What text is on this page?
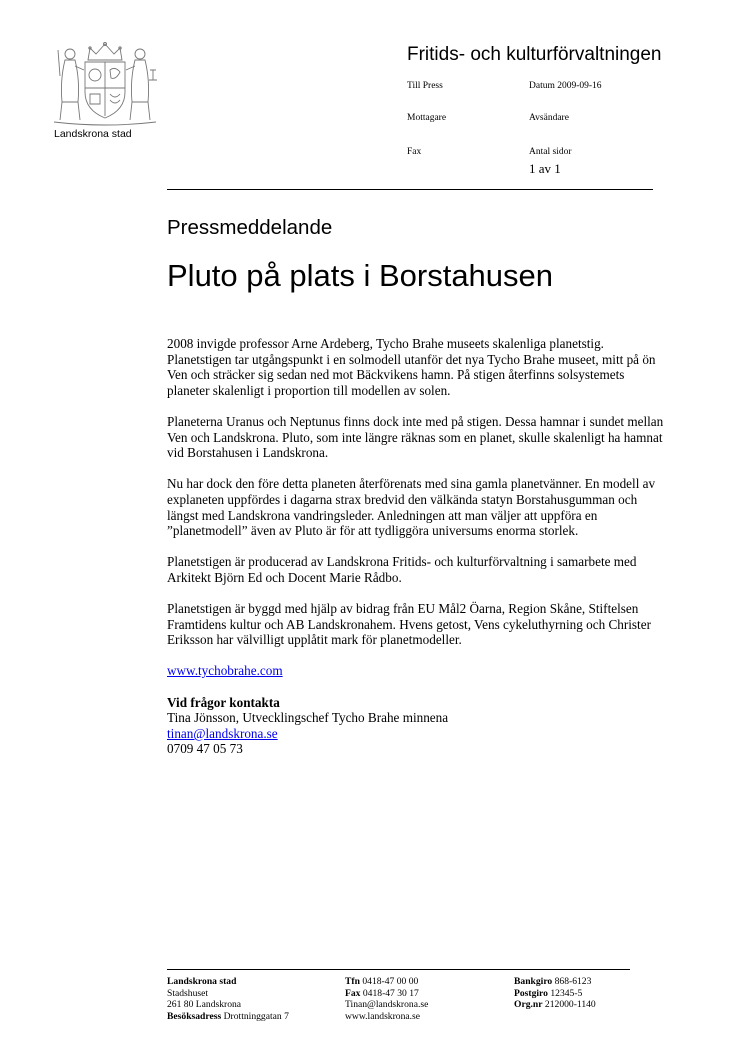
Landskrona stad
Fritids- och kulturförvaltningen
Till Press	Datum 2009-09-16
Mottagare	Avsändare
Fax	Antal sidor
1 av 1
Pressmeddelande
Pluto på plats i Borstahusen

2008 invigde professor Arne Ardeberg, Tycho Brahe museets skalenliga planetstig. Planetstigen tar utgångspunkt i en solmodell utanför det nya Tycho Brahe museet, mitt på ön Ven och sträcker sig sedan ned mot Bäckvikens hamn. På stigen återfinns solsystemets planeter skalenligt i proportion till modellen av solen.

Planeterna Uranus och Neptunus finns dock inte med på stigen. Dessa hamnar i sundet mellan Ven och Landskrona. Pluto, som inte längre räknas som en planet, skulle skalenligt ha hamnat vid Borstahusen i Landskrona.

Nu har dock den före detta planeten återförenats med sina gamla planetvänner. En modell av explaneten uppfördes i dagarna strax bredvid den välkända statyn Borstahusgumman och längst med Landskrona vandringsleder. Anledningen att man väljer att uppföra en ”planetmodell” även av Pluto är för att tydliggöra universums enorma storlek.

Planetstigen är producerad av Landskrona Fritids- och kulturförvaltning i samarbete med Arkitekt Björn Ed och Docent Marie Rådbo.

Planetstigen är byggd med hjälp av bidrag från EU Mål2 Öarna, Region Skåne, Stiftelsen Framtidens kultur och AB Landskronahem. Hvens getost, Vens cykeluthyrning och Christer Eriksson har välvilligt upplåtit mark för planetmodeller.

www.tychobrahe.com

Vid frågor kontakta
Tina Jönsson, Utvecklingschef Tycho Brahe minnena
tinan@landskrona.se
0709 47 05 73
Landskrona stad
Stadshuset
261 80 Landskrona
Besöksadress Drottninggatan 7
Tfn 0418-47 00 00
Fax 0418-47 30 17
Tinan@landskrona.se
www.landskrona.se
Bankgiro 868-6123
Postgiro 12345-5
Org.nr 212000-1140
